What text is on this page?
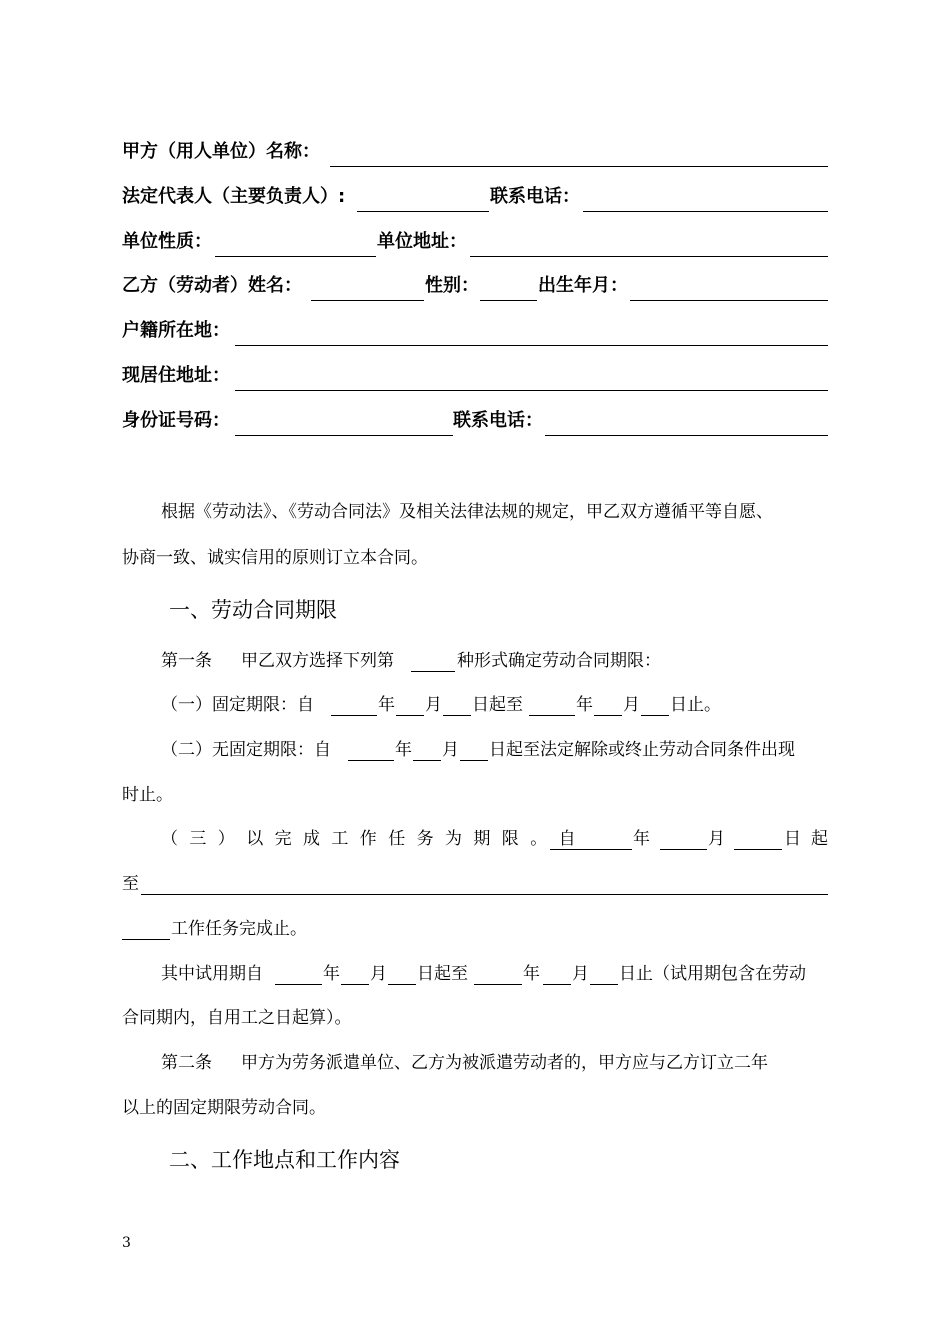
甲方（用人单位）名称：
法定代表人（主要负责人）:	联系电话：
单位性质：	单位地址：
乙方（劳动者）姓名：	性别：	出生年月：
户籍所在地：
现居住地址：
身份证号码：	联系电话：
根据《劳动法》、《劳动合同法》及相关法律法规的规定，甲乙双方遵循平等自愿、
协商一致、诚实信用的原则订立本合同。
一、劳动合同期限
第一条 甲乙双方选择下列第	种形式确定劳动合同期限：
（一）固定期限：自	年 月 日起至	年 月 日止。
（二）无固定期限：自	年 月 日起至法定解除或终止劳动合同条件出现
时止。
（三）以完成工作任务为期限。自	年	月	日起
至
工作任务完成止。
其中试用期自	年 月 日起至	年 月 日止（试用期包含在劳动
合同期内，自用工之日起算）。
第二条 甲方为劳务派遣单位、乙方为被派遣劳动者的，甲方应与乙方订立二年
以上的固定期限劳动合同。
二、工作地点和工作内容
3
